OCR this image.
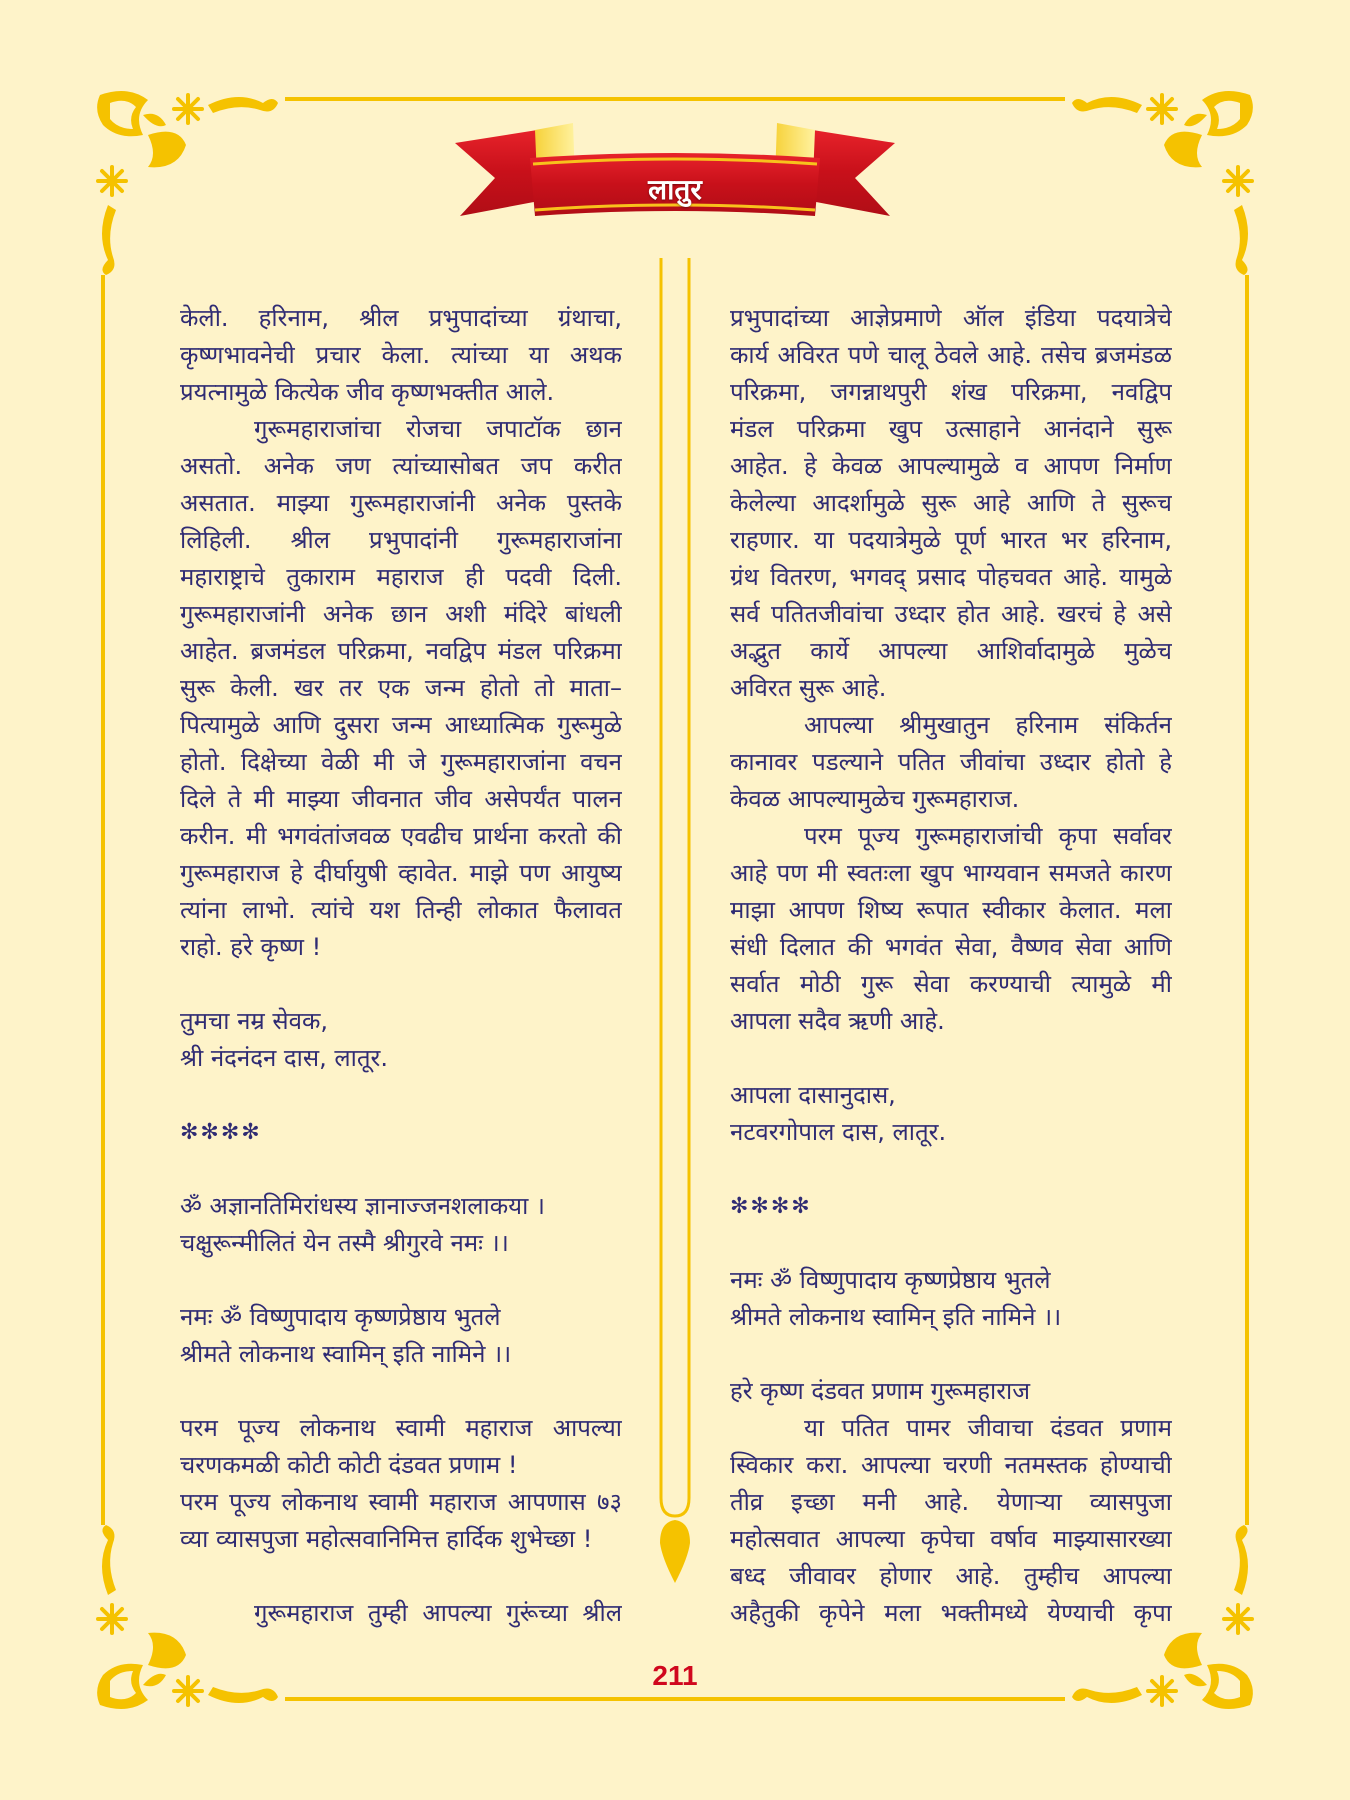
लातुर
केली. हरिनाम, श्रील प्रभुपादांच्या ग्रंथाचा,
कृष्णभावनेची प्रचार केला. त्यांच्या या अथक
प्रयत्नामुळे कित्येक जीव कृष्णभक्तीत आले.
गुरूमहाराजांचा रोजचा जपाटॉक छान
असतो. अनेक जण त्यांच्यासोबत जप करीत
असतात. माझ्या गुरूमहाराजांनी अनेक पुस्तके
लिहिली. श्रील प्रभुपादांनी गुरूमहाराजांना
महाराष्ट्राचे तुकाराम महाराज ही पदवी दिली.
गुरूमहाराजांनी अनेक छान अशी मंदिरे बांधली
आहेत. ब्रजमंडल परिक्रमा, नवद्विप मंडल परिक्रमा
सुरू केली. खर तर एक जन्म होतो तो माता–
पित्यामुळे आणि दुसरा जन्म आध्यात्मिक गुरूमुळे
होतो. दिक्षेच्या वेळी मी जे गुरूमहाराजांना वचन
दिले ते मी माझ्या जीवनात जीव असेपर्यंत पालन
करीन. मी भगवंतांजवळ एवढीच प्रार्थना करतो की
गुरूमहाराज हे दीर्घायुषी व्हावेत. माझे पण आयुष्य
त्यांना लाभो. त्यांचे यश तिन्ही लोकात फैलावत
राहो. हरे कृष्ण !
तुमचा नम्र सेवक,
श्री नंदनंदन दास, लातूर.
✻✻✻✻
ॐ अज्ञानतिमिरांधस्य ज्ञानाज्जनशलाकया ।
चक्षुरून्मीलितं येन तस्मै श्रीगुरवे नमः ।।
नमः ॐ विष्णुपादाय कृष्णप्रेष्ठाय भुतले
श्रीमते लोकनाथ स्वामिन् इति नामिने ।।
परम पूज्य लोकनाथ स्वामी महाराज आपल्या
चरणकमळी कोटी कोटी दंडवत प्रणाम !
परम पूज्य लोकनाथ स्वामी महाराज आपणास ७३
व्या व्यासपुजा महोत्सवानिमित्त हार्दिक शुभेच्छा !
गुरूमहाराज तुम्ही आपल्या गुरूंच्या श्रील
प्रभुपादांच्या आज्ञेप्रमाणे ऑल इंडिया पदयात्रेचे
कार्य अविरत पणे चालू ठेवले आहे. तसेच ब्रजमंडळ
परिक्रमा, जगन्नाथपुरी शंख परिक्रमा, नवद्विप
मंडल परिक्रमा खुप उत्साहाने आनंदाने सुरू
आहेत. हे केवळ आपल्यामुळे व आपण निर्माण
केलेल्या आदर्शामुळे सुरू आहे आणि ते सुरूच
राहणार. या पदयात्रेमुळे पूर्ण भारत भर हरिनाम,
ग्रंथ वितरण, भगवद् प्रसाद पोहचवत आहे. यामुळे
सर्व पतितजीवांचा उध्दार होत आहे. खरचं हे असे
अद्भुत कार्ये आपल्या आशिर्वादामुळे मुळेच
अविरत सुरू आहे.
आपल्या श्रीमुखातुन हरिनाम संकिर्तन
कानावर पडल्याने पतित जीवांचा उध्दार होतो हे
केवळ आपल्यामुळेच गुरूमहाराज.
परम पूज्य गुरूमहाराजांची कृपा सर्वावर
आहे पण मी स्वतःला खुप भाग्यवान समजते कारण
माझा आपण शिष्य रूपात स्वीकार केलात. मला
संधी दिलात की भगवंत सेवा, वैष्णव सेवा आणि
सर्वात मोठी गुरू सेवा करण्याची त्यामुळे मी
आपला सदैव ऋणी आहे.
आपला दासानुदास,
नटवरगोपाल दास, लातूर.
✻✻✻✻
नमः ॐ विष्णुपादाय कृष्णप्रेष्ठाय भुतले
श्रीमते लोकनाथ स्वामिन् इति नामिने ।।
हरे कृष्ण दंडवत प्रणाम गुरूमहाराज
या पतित पामर जीवाचा दंडवत प्रणाम
स्विकार करा. आपल्या चरणी नतमस्तक होण्याची
तीव्र इच्छा मनी आहे. येणाऱ्या व्यासपुजा
महोत्सवात आपल्या कृपेचा वर्षाव माझ्यासारख्या
बध्द जीवावर होणार आहे. तुम्हीच आपल्या
अहैतुकी कृपेने मला भक्तीमध्ये येण्याची कृपा
211
